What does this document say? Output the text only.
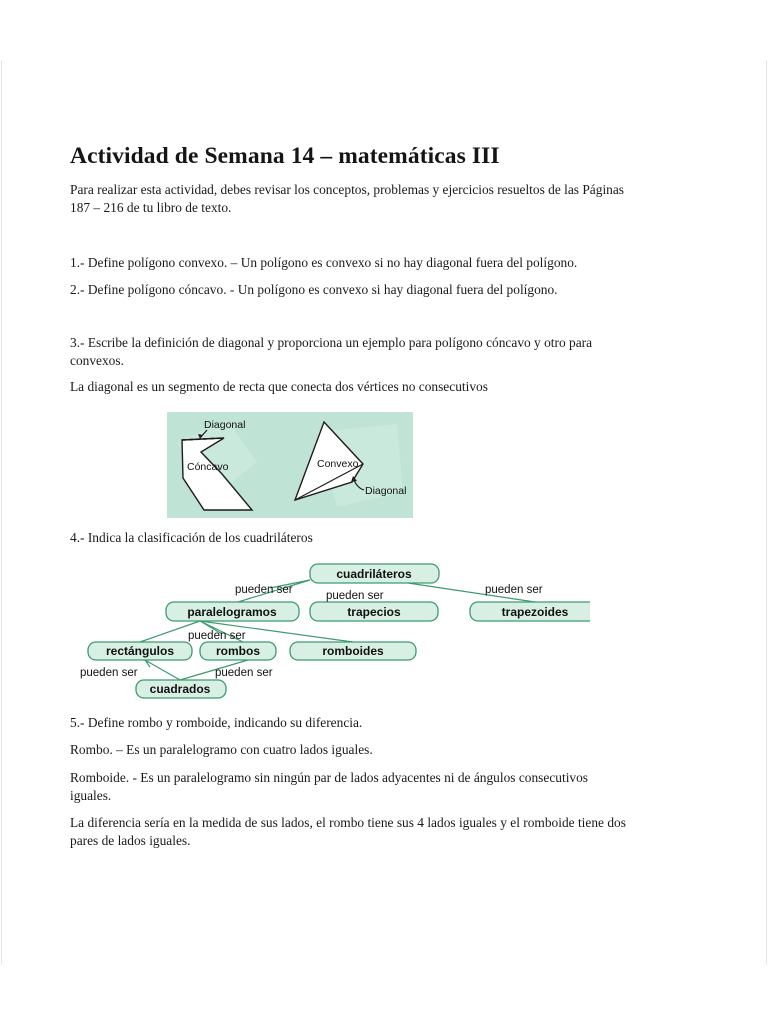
Actividad de Semana 14 – matemáticas III
Para realizar esta actividad, debes revisar los conceptos, problemas y ejercicios resueltos de las Páginas
187 – 216 de tu libro de texto.
1.- Define polígono convexo. – Un polígono es convexo si no hay diagonal fuera del polígono.
2.- Define polígono cóncavo. - Un polígono es convexo si hay diagonal fuera del polígono.
3.- Escribe la definición de diagonal y proporciona un ejemplo para polígono cóncavo y otro para
convexos.
La diagonal es un segmento de recta que conecta dos vértices no consecutivos
Diagonal
Cóncavo	Convexo
Diagonal
4.- Indica la clasificación de los cuadriláteros
cuadriláteros
paralelogramos	trapecios	trapezoides
rectángulos	rombos	romboides
cuadrados
pueden ser	pueden ser	pueden ser
pueden ser
pueden ser	pueden ser
5.- Define rombo y romboide, indicando su diferencia.
Rombo. – Es un paralelogramo con cuatro lados iguales.
Romboide. - Es un paralelogramo sin ningún par de lados adyacentes ni de ángulos consecutivos
iguales.
La diferencia sería en la medida de sus lados, el rombo tiene sus 4 lados iguales y el romboide tiene dos
pares de lados iguales.
